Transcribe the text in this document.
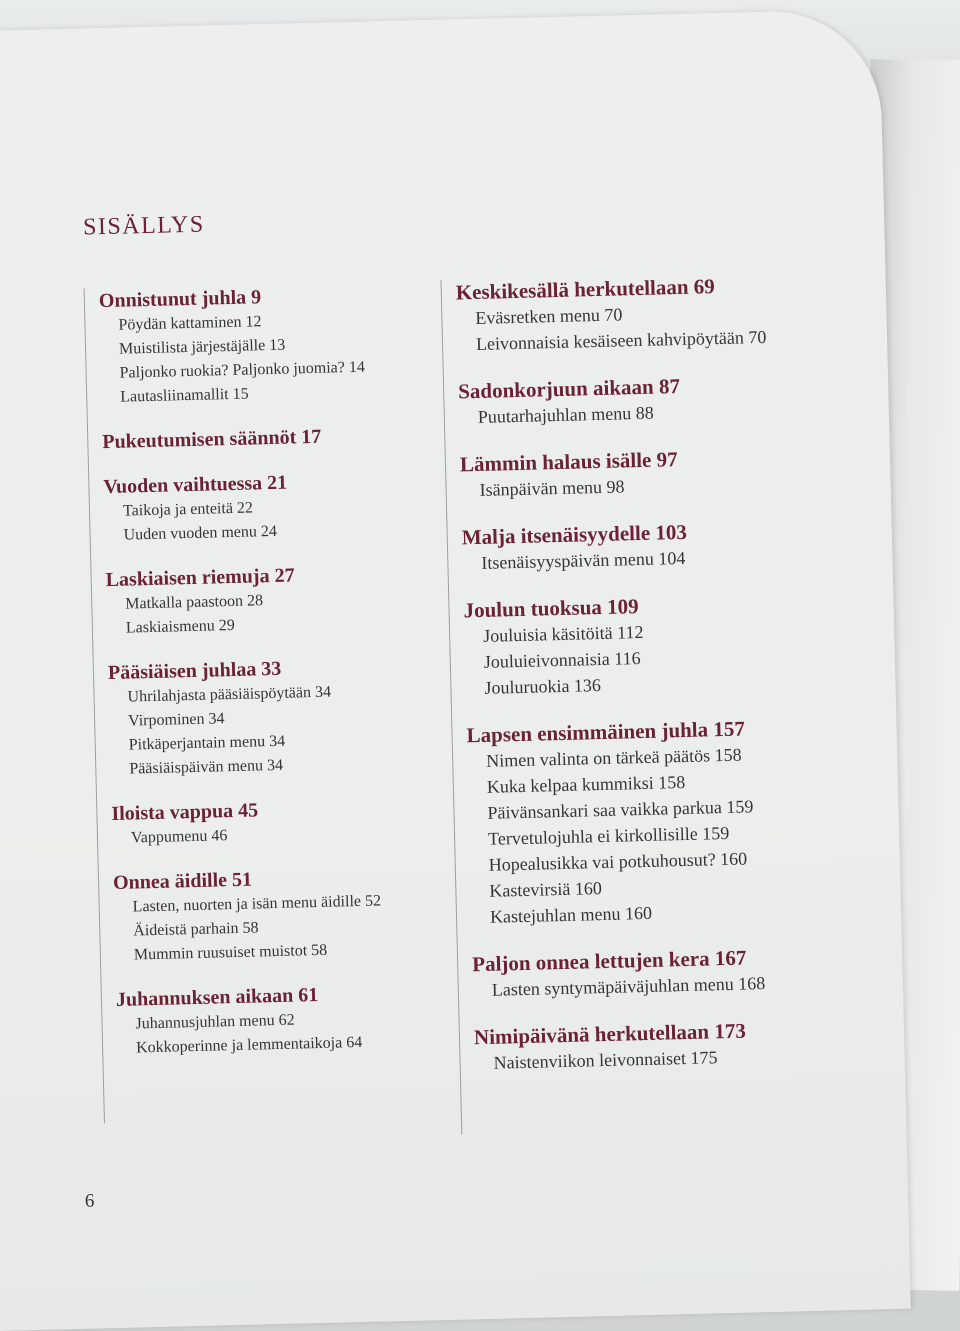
SISÄLLYS
Onnistunut juhla 9
Pöydän kattaminen 12
Muistilista järjestäjälle 13
Paljonko ruokia? Paljonko juomia? 14
Lautasliinamallit 15
Pukeutumisen säännöt 17
Vuoden vaihtuessa 21
Taikoja ja enteitä 22
Uuden vuoden menu 24
Laskiaisen riemuja 27
Matkalla paastoon 28
Laskiaismenu 29
Pääsiäisen juhlaa 33
Uhrilahjasta pääsiäispöytään 34
Virpominen 34
Pitkäperjantain menu 34
Pääsiäispäivän menu 34
Iloista vappua 45
Vappumenu 46
Onnea äidille 51
Lasten, nuorten ja isän menu äidille 52
Äideistä parhain 58
Mummin ruusuiset muistot 58
Juhannuksen aikaan 61
Juhannusjuhlan menu 62
Kokkoperinne ja lemmentaikoja 64
Keskikesällä herkutellaan 69
Eväsretken menu 70
Leivonnaisia kesäiseen kahvipöytään 70
Sadonkorjuun aikaan 87
Puutarhajuhlan menu 88
Lämmin halaus isälle 97
Isänpäivän menu 98
Malja itsenäisyydelle 103
Itsenäisyyspäivän menu 104
Joulun tuoksua 109
Jouluisia käsitöitä 112
Jouluieivonnaisia 116
Jouluruokia 136
Lapsen ensimmäinen juhla 157
Nimen valinta on tärkeä päätös 158
Kuka kelpaa kummiksi 158
Päivänsankari saa vaikka parkua 159
Tervetulojuhla ei kirkollisille 159
Hopealusikka vai potkuhousut? 160
Kastevirsiä 160
Kastejuhlan menu 160
Paljon onnea lettujen kera 167
Lasten syntymäpäiväjuhlan menu 168
Nimipäivänä herkutellaan 173
Naistenviikon leivonnaiset 175
6
